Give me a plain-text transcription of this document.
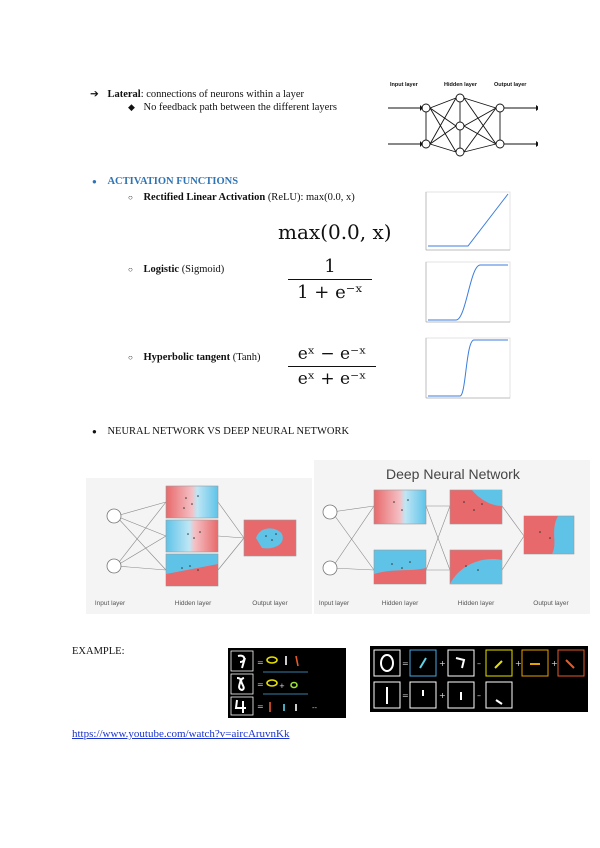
➔ Lateral: connections of neurons within a layer
◆ No feedback path between the different layers
Input layer	Hidden layer	Output layer
● ACTIVATION FUNCTIONS
○ Rectified Linear Activation (ReLU): max(0.0, x)
max(0.0, x)
○ Logistic (Sigmoid)	1
1 + e⁻ˣ
○ Hyperbolic tangent (Tanh)	eˣ − e⁻ˣ
eˣ + e⁻ˣ
● NEURAL NETWORK VS DEEP NEURAL NETWORK
Input layer	Hidden layer	Output layer
Deep Neural Network
Input layer	Hidden layer	Hidden layer	Output layer
EXAMPLE:
=
=
=
+
--
=	+	–	+	+
=	+	–
https://www.youtube.com/watch?v=aircAruvnKk
